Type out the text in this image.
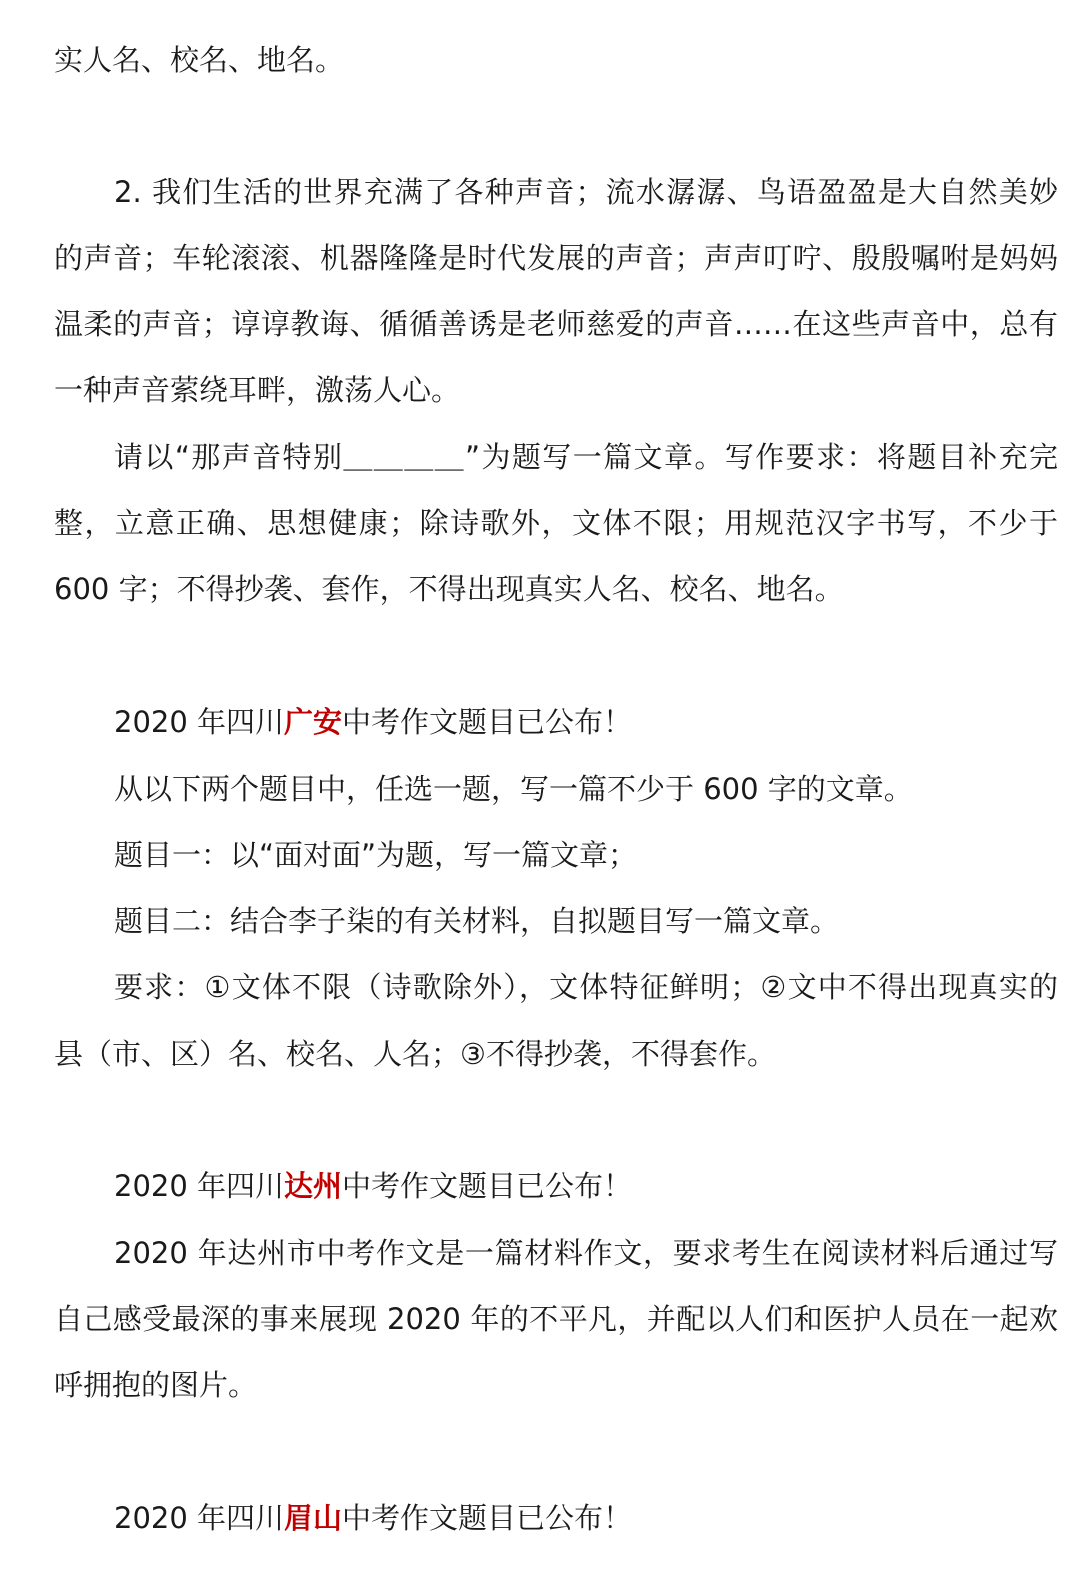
实人名、校名、地名。
2. 我们生活的世界充满了各种声音；流水潺潺、鸟语盈盈是大自然美妙
的声音；车轮滚滚、机器隆隆是时代发展的声音；声声叮咛、殷殷嘱咐是妈妈
温柔的声音；谆谆教诲、循循善诱是老师慈爱的声音……在这些声音中，总有
一种声音萦绕耳畔，激荡人心。
请以“那声音特别＿＿＿＿”为题写一篇文章。写作要求：将题目补充完
整，立意正确、思想健康；除诗歌外，文体不限；用规范汉字书写，不少于
600 字；不得抄袭、套作，不得出现真实人名、校名、地名。
2020 年四川广安中考作文题目已公布！
从以下两个题目中，任选一题，写一篇不少于 600 字的文章。
题目一：以“面对面”为题，写一篇文章；
题目二：结合李子柒的有关材料，自拟题目写一篇文章。
要求：①文体不限（诗歌除外），文体特征鲜明；②文中不得出现真实的
县（市、区）名、校名、人名；③不得抄袭，不得套作。
2020 年四川达州中考作文题目已公布！
2020 年达州市中考作文是一篇材料作文，要求考生在阅读材料后通过写
自己感受最深的事来展现 2020 年的不平凡，并配以人们和医护人员在一起欢
呼拥抱的图片。
2020 年四川眉山中考作文题目已公布！
